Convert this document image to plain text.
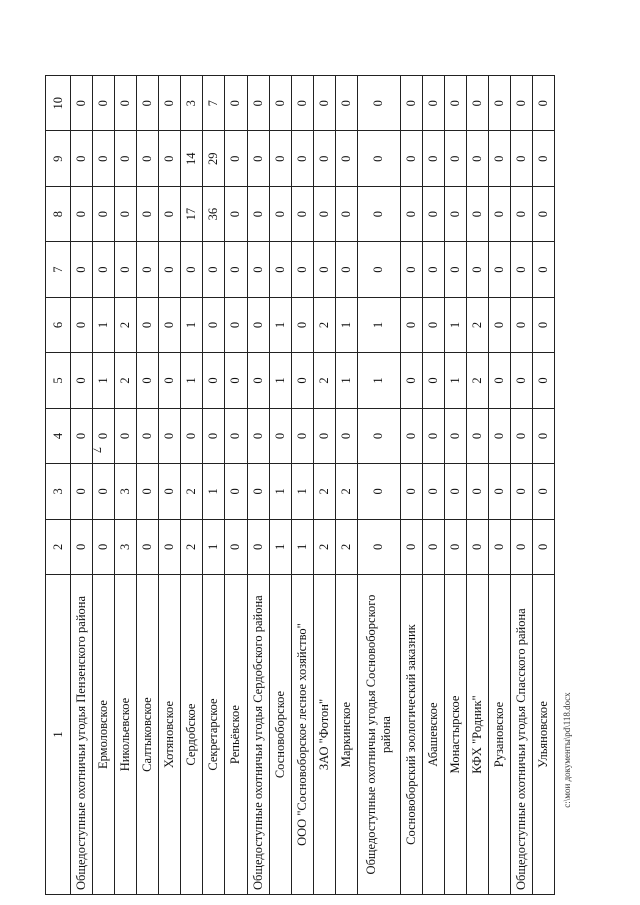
7
1	2	3	4	5	6	7	8	9	10
Общедоступные охотничьи угодья Пензенского района	0	0	0	0	0	0	0	0	0
Ермоловское	0	0	0	1	1	0	0	0	0
Никольевское	3	3	0	2	2	0	0	0	0
Салтыковское	0	0	0	0	0	0	0	0	0
Хотяновское	0	0	0	0	0	0	0	0	0
Сердобское	2	2	0	1	1	0	17	14	3
Секретарское	1	1	0	0	0	0	36	29	7
Репьёвское	0	0	0	0	0	0	0	0	0
Общедоступные охотничьи угодья Сердобского района	0	0	0	0	0	0	0	0	0
Сосновоборское	1	1	0	1	1	0	0	0	0
ООО "Сосновоборское лесное хозяйство"	1	1	0	0	0	0	0	0	0
ЗАО "Фотон"	2	2	0	2	2	0	0	0	0
Маркинское	2	2	0	1	1	0	0	0	0
Общедоступные охотничьи угодья Сосновоборского района	0	0	0	1	1	0	0	0	0
Сосновоборский зоологический заказник	0	0	0	0	0	0	0	0	0
Абашевское	0	0	0	0	0	0	0	0	0
Монастырское	0	0	0	1	1	0	0	0	0
КФХ "Родник"	0	0	0	2	2	0	0	0	0
Рузановское	0	0	0	0	0	0	0	0	0
Общедоступные охотничьи угодья Спасского района	0	0	0	0	0	0	0	0	0
Ульяновское	0	0	0	0	0	0	0	0	0
c:\мои документы\pd\118.docx
